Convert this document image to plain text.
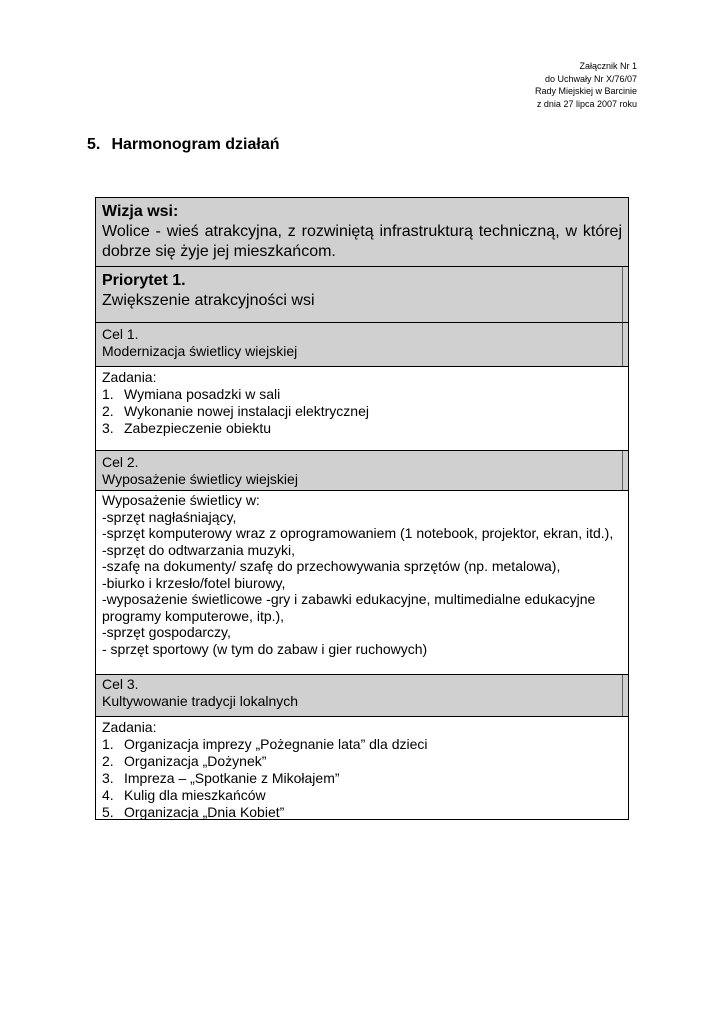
Załącznik Nr 1
do Uchwały Nr X/76/07
Rady Miejskiej w Barcinie
z dnia 27 lipca 2007 roku
5. Harmonogram działań
Wizja wsi:
Wolice - wieś atrakcyjna, z rozwiniętą infrastrukturą techniczną, w której dobrze się żyje jej mieszkańcom.
Priorytet 1.
Zwiększenie atrakcyjności wsi
Cel 1.
Modernizacja świetlicy wiejskiej
Zadania:
1. Wymiana posadzki w sali
2. Wykonanie nowej instalacji elektrycznej
3. Zabezpieczenie obiektu
Cel 2.
Wyposażenie świetlicy wiejskiej
Wyposażenie świetlicy w:
-sprzęt nagłaśniający,
-sprzęt komputerowy wraz z oprogramowaniem (1 notebook, projektor, ekran, itd.),
-sprzęt do odtwarzania muzyki,
-szafę na dokumenty/ szafę do przechowywania sprzętów (np. metalowa),
-biurko i krzesło/fotel biurowy,
-wyposażenie świetlicowe -gry i zabawki edukacyjne, multimedialne edukacyjne programy komputerowe, itp.),
-sprzęt gospodarczy,
- sprzęt sportowy (w tym do zabaw i gier ruchowych)
Cel 3.
Kultywowanie tradycji lokalnych
Zadania:
1. Organizacja imprezy „Pożegnanie lata” dla dzieci
2. Organizacja „Dożynek”
3. Impreza – „Spotkanie z Mikołajem”
4. Kulig dla mieszkańców
5. Organizacja „Dnia Kobiet”
